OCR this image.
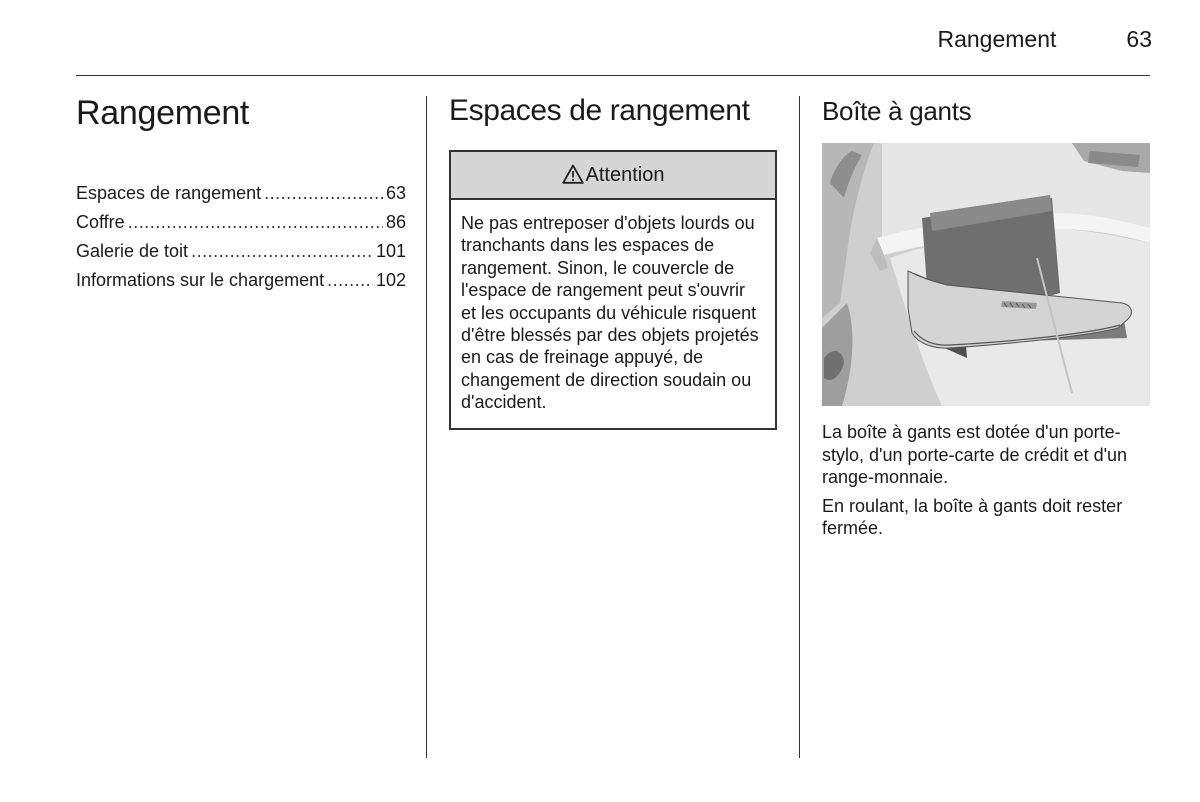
Rangement	63
Rangement
Espaces de rangement .....	63
Coffre .....	86
Galerie de toit .....	101
Informations sur le chargement .....	102
Espaces de rangement
Attention
Ne pas entreposer d'objets lourds ou tranchants dans les espaces de rangement. Sinon, le couvercle de l'espace de rangement peut s'ouvrir et les occupants du véhicule risquent d'être blessés par des objets projetés en cas de freinage appuyé, de changement de direction soudain ou d'accident.
Boîte à gants

La boîte à gants est dotée d'un porte-stylo, d'un porte-carte de crédit et d'un range-monnaie.

En roulant, la boîte à gants doit rester fermée.
